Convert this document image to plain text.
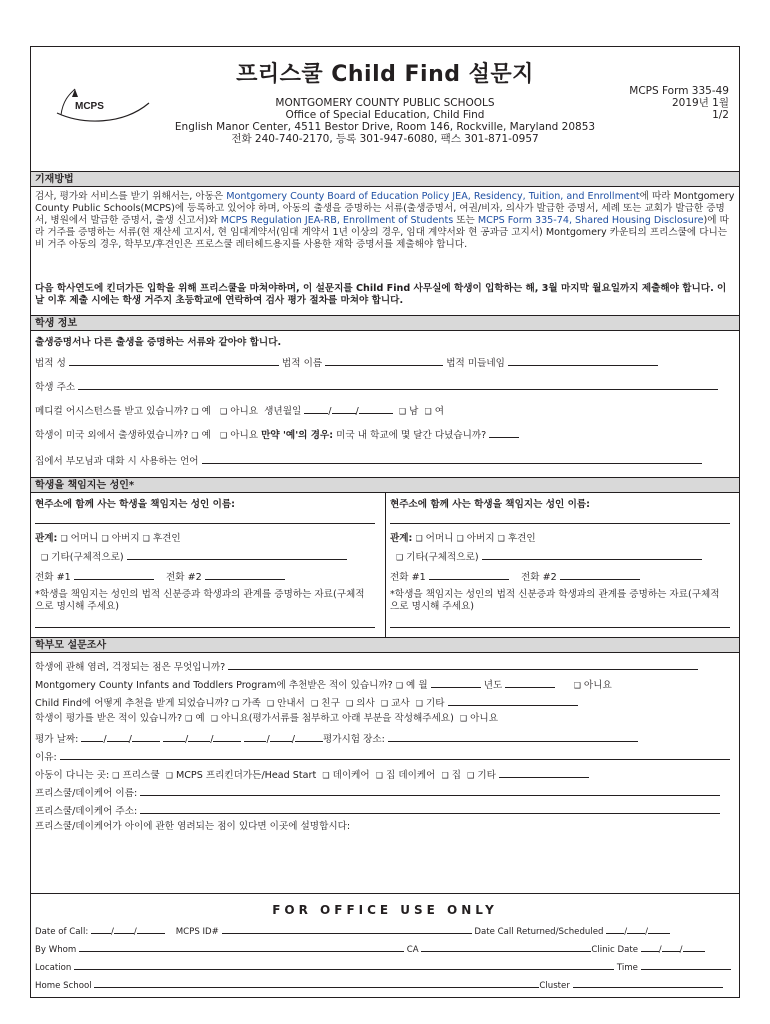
MCPS
프리스쿨 Child Find 설문지
MONTGOMERY COUNTY PUBLIC SCHOOLS
Office of Special Education, Child Find
English Manor Center, 4511 Bestor Drive, Room 146, Rockville, Maryland 20853
전화 240-740-2170, 등록 301-947-6080, 팩스 301-871-0957
MCPS Form 335-49
2019년 1월
1/2
기재방법
검사, 평가와 서비스를 받기 위해서는, 아동은 Montgomery County Board of Education Policy JEA, Residency, Tuition, and Enrollment에 따라 Montgomery County Public Schools(MCPS)에 등록하고 있어야 하며, 아동의 출생을 증명하는 서류(출생증명서, 여권/비자, 의사가 발급한 증명서, 세례 또는 교회가 발급한 증명서, 병원에서 발급한 증명서, 출생 신고서)와 MCPS Regulation JEA-RB, Enrollment of Students 또는 MCPS Form 335-74, Shared Housing Disclosure)에 따라 거주를 증명하는 서류(현 재산세 고지서, 현 임대계약서(임대 계약서 1년 이상의 경우, 임대 계약서와 현 공과금 고지서) Montgomery 카운티의 프리스쿨에 다니는 비 거주 아동의 경우, 학부모/후견인은 프로스쿨 레터헤드용지를 사용한 재학 증명서를 제출해야 합니다.
다음 학사연도에 킨더가든 입학을 위해 프리스쿨을 마쳐야하며, 이 설문지를 Child Find 사무실에 학생이 입학하는 해, 3월 마지막 월요일까지 제출해야 합니다. 이날 이후 제출 시에는 학생 거주지 초등학교에 연락하여 검사 평가 절차를 마쳐야 합니다.
학생 정보
출생증명서나 다른 출생을 증명하는 서류와 같아야 합니다.
법적 성	법적 이름	법적 미들네임
학생 주소
메디컬 어시스턴스를 받고 있습니까? ❑ 예 ❑ 아니요 생년월일	/	/	❑ 남 ❑ 여
학생이 미국 외에서 출생하였습니까? ❑ 예 ❑ 아니요 만약 '예'의 경우: 미국 내 학교에 몇 달간 다녔습니까?
집에서 부모님과 대화 시 사용하는 언어
학생을 책임지는 성인*
현주소에 함께 사는 학생을 책임지는 성인 이름:
관계: ❑ 어머니 ❑ 아버지 ❑ 후견인
❑ 기타(구체적으로)
전화 #1	전화 #2
*학생을 책임지는 성인의 법적 신분증과 학생과의 관계를 증명하는 자료(구체적으로 명시해 주세요)
현주소에 함께 사는 학생을 책임지는 성인 이름:
관계: ❑ 어머니 ❑ 아버지 ❑ 후견인
❑ 기타(구체적으로)
전화 #1	전화 #2
*학생을 책임지는 성인의 법적 신분증과 학생과의 관계를 증명하는 자료(구체적으로 명시해 주세요)
학부모 설문조사
학생에 관해 염려, 걱정되는 점은 무엇입니까?
Montgomery County Infants and Toddlers Program에 추천받은 적이 있습니까? ❑ 예 월	년도	❑ 아니요
Child Find에 어떻게 추천을 받게 되었습니까? ❑ 가족 ❑ 안내서 ❑ 친구 ❑ 의사 ❑ 교사 ❑ 기타
학생이 평가를 받은 적이 있습니까? ❑ 예 ❑ 아니요(평가서류를 첨부하고 아래 부분을 작성해주세요) ❑ 아니요
평가 날짜:	/ /	/ /	/ /	평가시험 장소:
이유:
아동이 다니는 곳: ❑ 프리스쿨 ❑ MCPS 프리킨더가든/Head Start ❑ 데이케어 ❑ 집 데이케어 ❑ 집 ❑ 기타
프리스쿨/데이케어 이름:
프리스쿨/데이케어 주소:
프리스쿨/데이케어가 아이에 관한 염려되는 점이 있다면 이곳에 설명합시다:
FOR OFFICE USE ONLY
Date of Call:	/ /	MCPS ID#	Date Call Returned/Scheduled / /
By Whom	CA	Clinic Date / /
Location	Time
Home School	Cluster
